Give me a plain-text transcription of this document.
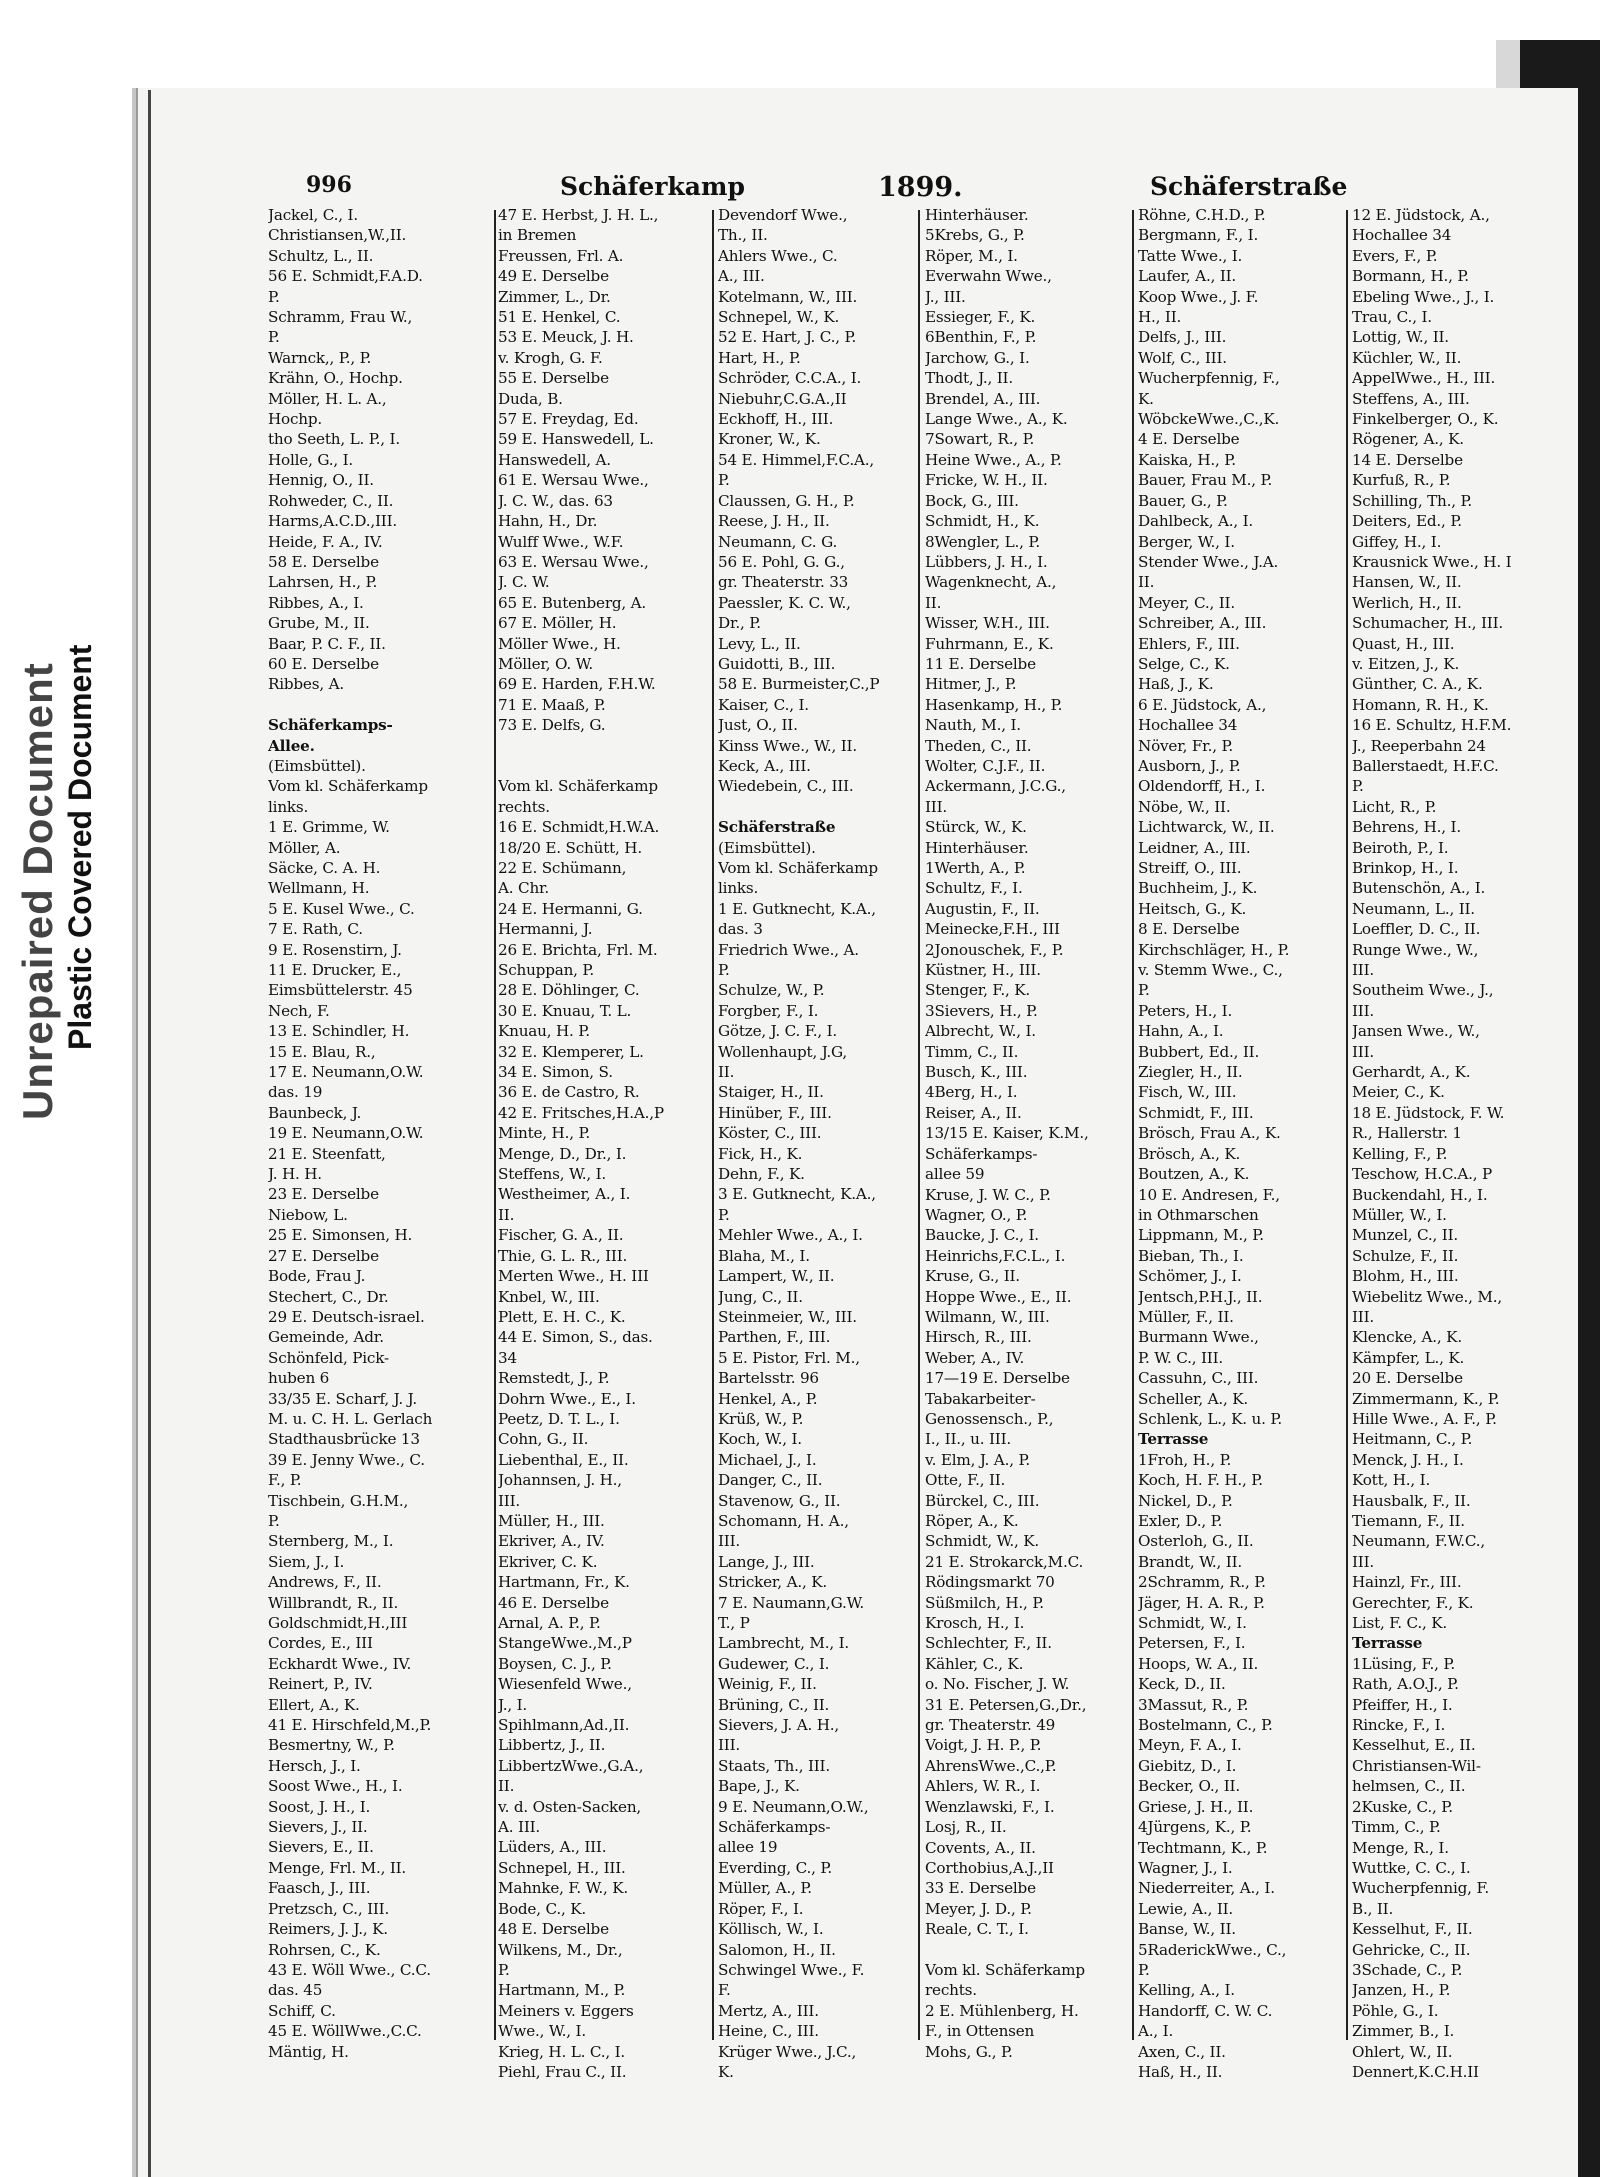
Unrepaired Document Plastic Covered Document
996	Schäferkamp	1899.	Schäferstraße
Jackel, C., I.
Christiansen,W.,II.
Schultz, L., II.
56 E. Schmidt,F.A.D.
P.
Schramm, Frau W.,
P.
Warnck,, P., P.
Krähn, O., Hochp.
Möller, H. L. A.,
Hochp.
tho Seeth, L. P., I.
Holle, G., I.
Hennig, O., II.
Rohweder, C., II.
Harms,A.C.D.,III.
Heide, F. A., IV.
58 E. Derselbe
Lahrsen, H., P.
Ribbes, A., I.
Grube, M., II.
Baar, P. C. F., II.
60 E. Derselbe
Ribbes, A.
Schäferkamps-
Allee.
(Eimsbüttel).
Vom kl. Schäferkamp
links.
1 E. Grimme, W.
Möller, A.
Säcke, C. A. H.
Wellmann, H.
5 E. Kusel Wwe., C.
7 E. Rath, C.
9 E. Rosenstirn, J.
11 E. Drucker, E.,
Eimsbüttelerstr. 45
Nech, F.
13 E. Schindler, H.
15 E. Blau, R.,
17 E. Neumann,O.W.
das. 19
Baunbeck, J.
19 E. Neumann,O.W.
21 E. Steenfatt,
J. H. H.
23 E. Derselbe
Niebow, L.
25 E. Simonsen, H.
27 E. Derselbe
Bode, Frau J.
Stechert, C., Dr.
29 E. Deutsch-israel.
Gemeinde, Adr.
Schönfeld, Pick-
huben 6
33/35 E. Scharf, J. J.
M. u. C. H. L. Gerlach
Stadthausbrücke 13
39 E. Jenny Wwe., C.
F., P.
Tischbein, G.H.M.,
P.
Sternberg, M., I.
Siem, J., I.
Andrews, F., II.
Willbrandt, R., II.
Goldschmidt,H.,III
Cordes, E., III
Eckhardt Wwe., IV.
Reinert, P., IV.
Ellert, A., K.
41 E. Hirschfeld,M.,P.
Besmertny, W., P.
Hersch, J., I.
Soost Wwe., H., I.
Soost, J. H., I.
Sievers, J., II.
Sievers, E., II.
Menge, Frl. M., II.
Faasch, J., III.
Pretzsch, C., III.
Reimers, J. J., K.
Rohrsen, C., K.
43 E. Wöll Wwe., C.C.
das. 45
Schiff, C.
45 E. WöllWwe.,C.C.
Mäntig, H.
47 E. Herbst, J. H. L.,
in Bremen
Freussen, Frl. A.
49 E. Derselbe
Zimmer, L., Dr.
51 E. Henkel, C.
53 E. Meuck, J. H.
v. Krogh, G. F.
55 E. Derselbe
Duda, B.
57 E. Freydag, Ed.
59 E. Hanswedell, L.
Hanswedell, A.
61 E. Wersau Wwe.,
J. C. W., das. 63
Hahn, H., Dr.
Wulff Wwe., W.F.
63 E. Wersau Wwe.,
J. C. W.
65 E. Butenberg, A.
67 E. Möller, H.
Möller Wwe., H.
Möller, O. W.
69 E. Harden, F.H.W.
71 E. Maaß, P.
73 E. Delfs, G.
Vom kl. Schäferkamp
rechts.
16 E. Schmidt,H.W.A.
18/20 E. Schütt, H.
22 E. Schümann,
A. Chr.
24 E. Hermanni, G.
Hermanni, J.
26 E. Brichta, Frl. M.
Schuppan, P.
28 E. Döhlinger, C.
30 E. Knuau, T. L.
Knuau, H. P.
32 E. Klemperer, L.
34 E. Simon, S.
36 E. de Castro, R.
42 E. Fritsches,H.A.,P
Minte, H., P.
Menge, D., Dr., I.
Steffens, W., I.
Westheimer, A., I.
II.
Fischer, G. A., II.
Thie, G. L. R., III.
Merten Wwe., H. III
Knbel, W., III.
Plett, E. H. C., K.
44 E. Simon, S., das.
34
Remstedt, J., P.
Dohrn Wwe., E., I.
Peetz, D. T. L., I.
Cohn, G., II.
Liebenthal, E., II.
Johannsen, J. H.,
III.
Müller, H., III.
Ekriver, A., IV.
Ekriver, C. K.
Hartmann, Fr., K.
46 E. Derselbe
Arnal, A. P., P.
StangeWwe.,M.,P
Boysen, C. J., P.
Wiesenfeld Wwe.,
J., I.
Spihlmann,Ad.,II.
Libbertz, J., II.
LibbertzWwe.,G.A.,
II.
v. d. Osten-Sacken,
A. III.
Lüders, A., III.
Schnepel, H., III.
Mahnke, F. W., K.
Bode, C., K.
48 E. Derselbe
Wilkens, M., Dr.,
P.
Hartmann, M., P.
Meiners v. Eggers
Wwe., W., I.
Krieg, H. L. C., I.
Piehl, Frau C., II.
Devendorf Wwe.,
Th., II.
Ahlers Wwe., C.
A., III.
Kotelmann, W., III.
Schnepel, W., K.
52 E. Hart, J. C., P.
Hart, H., P.
Schröder, C.C.A., I.
Niebuhr,C.G.A.,II
Eckhoff, H., III.
Kroner, W., K.
54 E. Himmel,F.C.A.,
P.
Claussen, G. H., P.
Reese, J. H., II.
Neumann, C. G.
56 E. Pohl, G. G.,
gr. Theaterstr. 33
Paessler, K. C. W.,
Dr., P.
Levy, L., II.
Guidotti, B., III.
58 E. Burmeister,C.,P
Kaiser, C., I.
Just, O., II.
Kinss Wwe., W., II.
Keck, A., III.
Wiedebein, C., III.
Schäferstraße
(Eimsbüttel).
Vom kl. Schäferkamp
links.
1 E. Gutknecht, K.A.,
das. 3
Friedrich Wwe., A.
P.
Schulze, W., P.
Forgber, F., I.
Götze, J. C. F., I.
Wollenhaupt, J.G,
II.
Staiger, H., II.
Hinüber, F., III.
Köster, C., III.
Fick, H., K.
Dehn, F., K.
3 E. Gutknecht, K.A.,
P.
Mehler Wwe., A., I.
Blaha, M., I.
Lampert, W., II.
Jung, C., II.
Steinmeier, W., III.
Parthen, F., III.
5 E. Pistor, Frl. M.,
Bartelsstr. 96
Henkel, A., P.
Krüß, W., P.
Koch, W., I.
Michael, J., I.
Danger, C., II.
Stavenow, G., II.
Schomann, H. A.,
III.
Lange, J., III.
Stricker, A., K.
7 E. Naumann,G.W.
T., P
Lambrecht, M., I.
Gudewer, C., I.
Weinig, F., II.
Brüning, C., II.
Sievers, J. A. H.,
III.
Staats, Th., III.
Bape, J., K.
9 E. Neumann,O.W.,
Schäferkamps-
allee 19
Everding, C., P.
Müller, A., P.
Röper, F., I.
Köllisch, W., I.
Salomon, H., II.
Schwingel Wwe., F.
F.
Mertz, A., III.
Heine, C., III.
Krüger Wwe., J.C.,
K.
Hinterhäuser.
5Krebs, G., P.
Röper, M., I.
Everwahn Wwe.,
J., III.
Essieger, F., K.
6Benthin, F., P.
Jarchow, G., I.
Thodt, J., II.
Brendel, A., III.
Lange Wwe., A., K.
7Sowart, R., P.
Heine Wwe., A., P.
Fricke, W. H., II.
Bock, G., III.
Schmidt, H., K.
8Wengler, L., P.
Lübbers, J. H., I.
Wagenknecht, A.,
II.
Wisser, W.H., III.
Fuhrmann, E., K.
11 E. Derselbe
Hitmer, J., P.
Hasenkamp, H., P.
Nauth, M., I.
Theden, C., II.
Wolter, C.J.F., II.
Ackermann, J.C.G.,
III.
Stürck, W., K.
Hinterhäuser.
1Werth, A., P.
Schultz, F., I.
Augustin, F., II.
Meinecke,F.H., III
2Jonouschek, F., P.
Küstner, H., III.
Stenger, F., K.
3Sievers, H., P.
Albrecht, W., I.
Timm, C., II.
Busch, K., III.
4Berg, H., I.
Reiser, A., II.
13/15 E. Kaiser, K.M.,
Schäferkamps-
allee 59
Kruse, J. W. C., P.
Wagner, O., P.
Baucke, J. C., I.
Heinrichs,F.C.L., I.
Kruse, G., II.
Hoppe Wwe., E., II.
Wilmann, W., III.
Hirsch, R., III.
Weber, A., IV.
17—19 E. Derselbe
Tabakarbeiter-
Genossensch., P.,
I., II., u. III.
v. Elm, J. A., P.
Otte, F., II.
Bürckel, C., III.
Röper, A., K.
Schmidt, W., K.
21 E. Strokarck,M.C.
Rödingsmarkt 70
Süßmilch, H., P.
Krosch, H., I.
Schlechter, F., II.
Kähler, C., K.
o. No. Fischer, J. W.
31 E. Petersen,G.,Dr.,
gr. Theaterstr. 49
Voigt, J. H. P., P.
AhrensWwe.,C.,P.
Ahlers, W. R., I.
Wenzlawski, F., I.
Losj, R., II.
Covents, A., II.
Corthobius,A.J.,II
33 E. Derselbe
Meyer, J. D., P.
Reale, C. T., I.
Vom kl. Schäferkamp
rechts.
2 E. Mühlenberg, H.
F., in Ottensen
Mohs, G., P.
Röhne, C.H.D., P.
Bergmann, F., I.
Tatte Wwe., I.
Laufer, A., II.
Koop Wwe., J. F.
H., II.
Delfs, J., III.
Wolf, C., III.
Wucherpfennig, F.,
K.
WöbckeWwe.,C.,K.
4 E. Derselbe
Kaiska, H., P.
Bauer, Frau M., P.
Bauer, G., P.
Dahlbeck, A., I.
Berger, W., I.
Stender Wwe., J.A.
II.
Meyer, C., II.
Schreiber, A., III.
Ehlers, F., III.
Selge, C., K.
Haß, J., K.
6 E. Jüdstock, A.,
Hochallee 34
Növer, Fr., P.
Ausborn, J., P.
Oldendorff, H., I.
Nöbe, W., II.
Lichtwarck, W., II.
Leidner, A., III.
Streiff, O., III.
Buchheim, J., K.
Heitsch, G., K.
8 E. Derselbe
Kirchschläger, H., P.
v. Stemm Wwe., C.,
P.
Peters, H., I.
Hahn, A., I.
Bubbert, Ed., II.
Ziegler, H., II.
Fisch, W., III.
Schmidt, F., III.
Brösch, Frau A., K.
Brösch, A., K.
Boutzen, A., K.
10 E. Andresen, F.,
in Othmarschen
Lippmann, M., P.
Bieban, Th., I.
Schömer, J., I.
Jentsch,P.H.J., II.
Müller, F., II.
Burmann Wwe.,
P. W. C., III.
Cassuhn, C., III.
Scheller, A., K.
Schlenk, L., K. u. P.
Terrasse
1Froh, H., P.
Koch, H. F. H., P.
Nickel, D., P.
Exler, D., P.
Osterloh, G., II.
Brandt, W., II.
2Schramm, R., P.
Jäger, H. A. R., P.
Schmidt, W., I.
Petersen, F., I.
Hoops, W. A., II.
Keck, D., II.
3Massut, R., P.
Bostelmann, C., P.
Meyn, F. A., I.
Giebitz, D., I.
Becker, O., II.
Griese, J. H., II.
4Jürgens, K., P.
Techtmann, K., P.
Wagner, J., I.
Niederreiter, A., I.
Lewie, A., II.
Banse, W., II.
5RaderickWwe., C.,
P.
Kelling, A., I.
Handorff, C. W. C.
A., I.
Axen, C., II.
Haß, H., II.
12 E. Jüdstock, A.,
Hochallee 34
Evers, F., P.
Bormann, H., P.
Ebeling Wwe., J., I.
Trau, C., I.
Lottig, W., II.
Küchler, W., II.
AppelWwe., H., III.
Steffens, A., III.
Finkelberger, O., K.
Rögener, A., K.
14 E. Derselbe
Kurfuß, R., P.
Schilling, Th., P.
Deiters, Ed., P.
Giffey, H., I.
Krausnick Wwe., H. I
Hansen, W., II.
Werlich, H., II.
Schumacher, H., III.
Quast, H., III.
v. Eitzen, J., K.
Günther, C. A., K.
Homann, R. H., K.
16 E. Schultz, H.F.M.
J., Reeperbahn 24
Ballerstaedt, H.F.C.
P.
Licht, R., P.
Behrens, H., I.
Beiroth, P., I.
Brinkop, H., I.
Butenschön, A., I.
Neumann, L., II.
Loeffler, D. C., II.
Runge Wwe., W.,
III.
Southeim Wwe., J.,
III.
Jansen Wwe., W.,
III.
Gerhardt, A., K.
Meier, C., K.
18 E. Jüdstock, F. W.
R., Hallerstr. 1
Kelling, F., P.
Teschow, H.C.A., P
Buckendahl, H., I.
Müller, W., I.
Munzel, C., II.
Schulze, F., II.
Blohm, H., III.
Wiebelitz Wwe., M.,
III.
Klencke, A., K.
Kämpfer, L., K.
20 E. Derselbe
Zimmermann, K., P.
Hille Wwe., A. F., P.
Heitmann, C., P.
Menck, J. H., I.
Kott, H., I.
Hausbalk, F., II.
Tiemann, F., II.
Neumann, F.W.C.,
III.
Hainzl, Fr., III.
Gerechter, F., K.
List, F. C., K.
Terrasse
1Lüsing, F., P.
Rath, A.O.J., P.
Pfeiffer, H., I.
Rincke, F., I.
Kesselhut, E., II.
Christiansen-Wil-
helmsen, C., II.
2Kuske, C., P.
Timm, C., P.
Menge, R., I.
Wuttke, C. C., I.
Wucherpfennig, F.
B., II.
Kesselhut, F., II.
Gehricke, C., II.
3Schade, C., P.
Janzen, H., P.
Pöhle, G., I.
Zimmer, B., I.
Ohlert, W., II.
Dennert,K.C.H.II
